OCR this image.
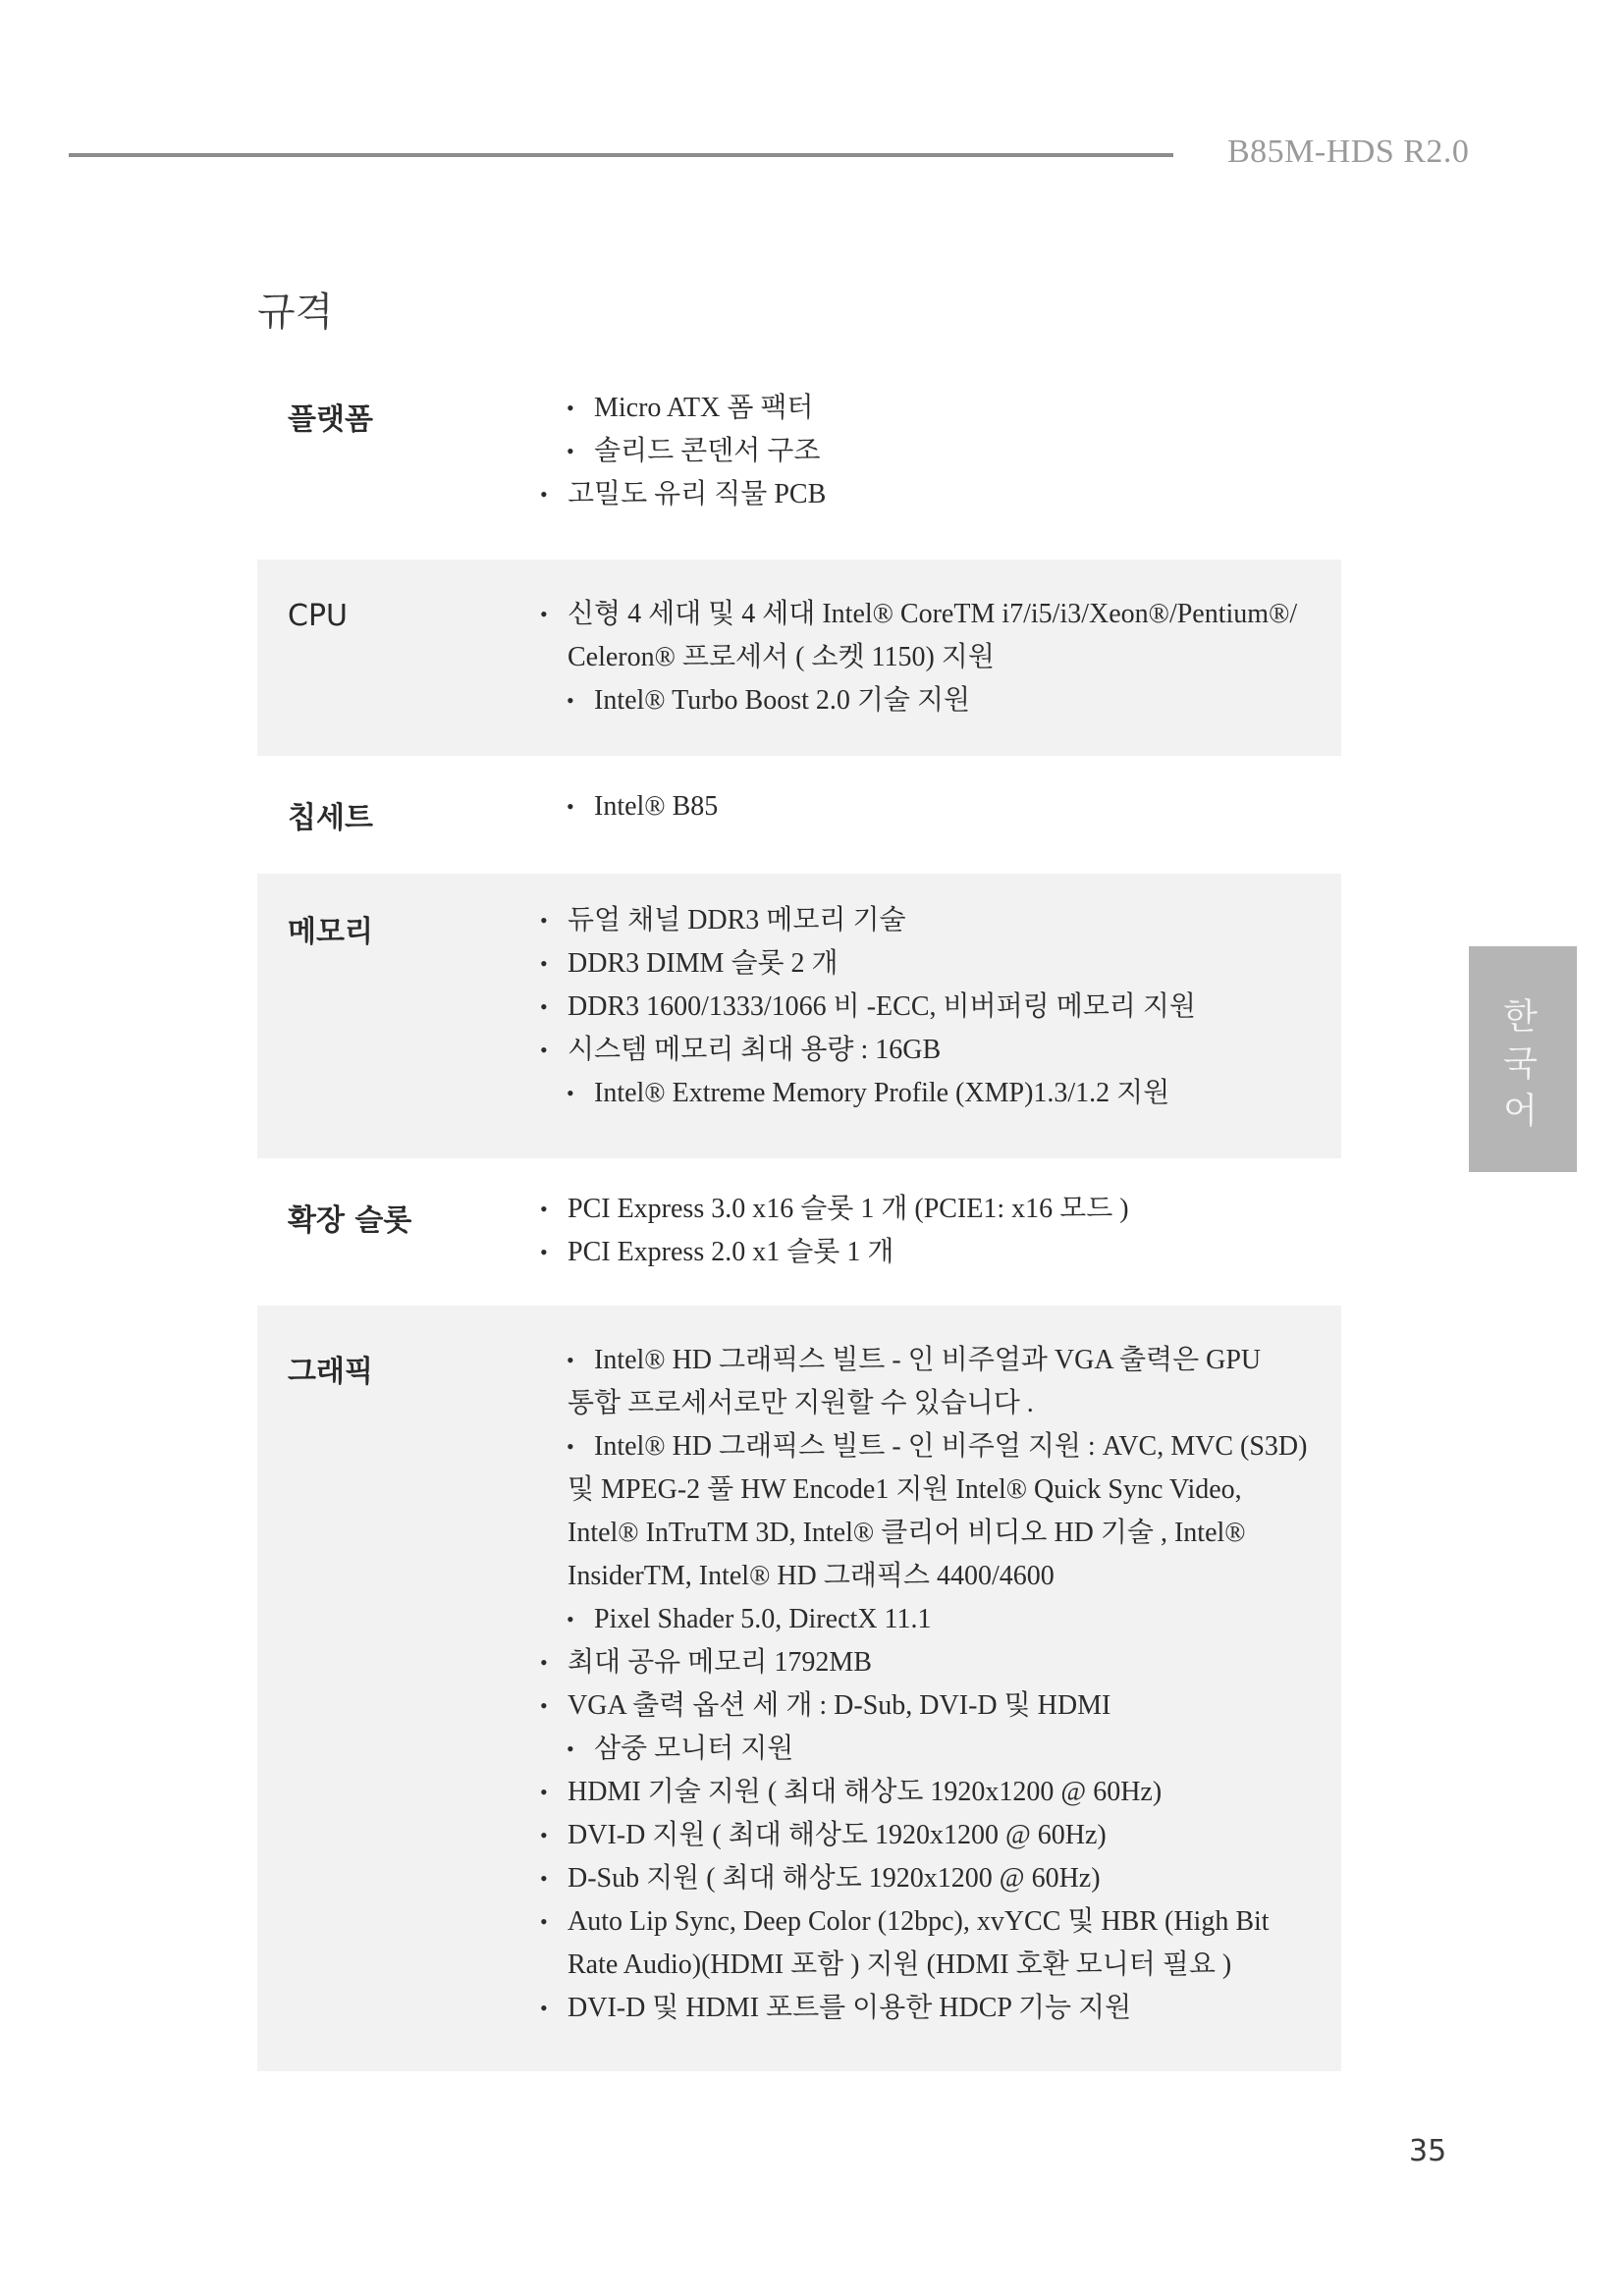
B85M-HDS R2.0
규격
플랫폼	• Micro ATX 폼 팩터
• 솔리드 콘덴서 구조
• 고밀도 유리 직물 PCB
CPU	• 신형 4 세대 및 4 세대 Intel® CoreTM i7/i5/i3/Xeon®/Pentium®/
Celeron® 프로세서 ( 소켓 1150) 지원
• Intel® Turbo Boost 2.0 기술 지원
칩세트	• Intel® B85
메모리	• 듀얼 채널 DDR3 메모리 기술
• DDR3 DIMM 슬롯 2 개
• DDR3 1600/1333/1066 비 -ECC, 비버퍼링 메모리 지원
• 시스템 메모리 최대 용량 : 16GB
• Intel® Extreme Memory Profile (XMP)1.3/1.2 지원
확장 슬롯	• PCI Express 3.0 x16 슬롯 1 개 (PCIE1: x16 모드 )
• PCI Express 2.0 x1 슬롯 1 개
그래픽	• Intel® HD 그래픽스 빌트 - 인 비주얼과 VGA 출력은 GPU
통합 프로세서로만 지원할 수 있습니다 .
• Intel® HD 그래픽스 빌트 - 인 비주얼 지원 : AVC, MVC (S3D)
및 MPEG-2 풀 HW Encode1 지원 Intel® Quick Sync Video,
Intel® InTruTM 3D, Intel® 클리어 비디오 HD 기술 , Intel®
InsiderTM, Intel® HD 그래픽스 4400/4600
• Pixel Shader 5.0, DirectX 11.1
• 최대 공유 메모리 1792MB
• VGA 출력 옵션 세 개 : D-Sub, DVI-D 및 HDMI
• 삼중 모니터 지원
• HDMI 기술 지원 ( 최대 해상도 1920x1200 @ 60Hz)
• DVI-D 지원 ( 최대 해상도 1920x1200 @ 60Hz)
• D-Sub 지원 ( 최대 해상도 1920x1200 @ 60Hz)
• Auto Lip Sync, Deep Color (12bpc), xvYCC 및 HBR (High Bit
Rate Audio)(HDMI 포함 ) 지원 (HDMI 호환 모니터 필요 )
• DVI-D 및 HDMI 포트를 이용한 HDCP 기능 지원
한국어
35
